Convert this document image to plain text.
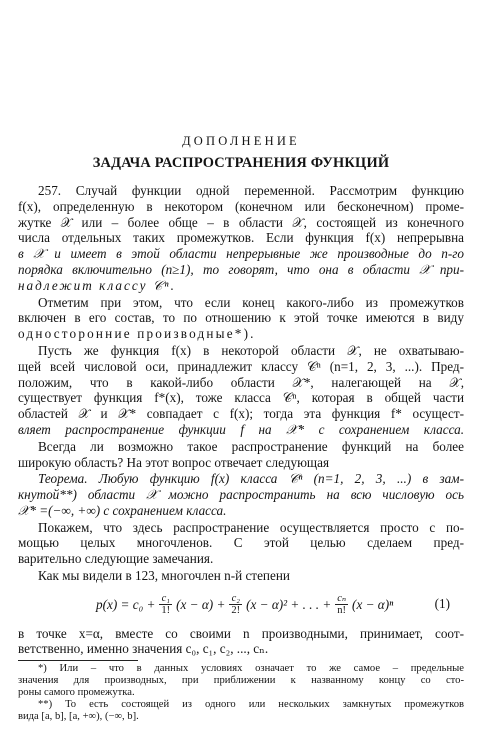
ДОПОЛНЕНИЕ
ЗАДАЧА РАСПРОСТРАНЕНИЯ ФУНКЦИЙ
257. Случай функции одной переменной. Рассмотрим функцию
f(x), определенную в некотором (конечном или бесконечном) проме-
жутке 𝒳 или – более обще – в области 𝒳, состоящей из конечного
числа отдельных таких промежутков. Если функция f(x) непрерывна
в 𝒳 и имеет в этой области непрерывные же производные до n-го
порядка включительно (n≥1), то говорят, что она в области 𝒳 при-
надлежит классу 𝒞ⁿ.
Отметим при этом, что если конец какого-либо из промежутков
включен в его состав, то по отношению к этой точке имеются в виду
односторонние производные*).
Пусть же функция f(x) в некоторой области 𝒳, не охватываю-
щей всей числовой оси, принадлежит классу 𝒞ⁿ (n=1, 2, 3, ...). Пред-
положим, что в какой-либо области 𝒳*, налегающей на 𝒳,
существует функция f*(x), тоже класса 𝒞ⁿ, которая в общей части
областей 𝒳 и 𝒳* совпадает с f(x); тогда эта функция f* осущест-
вляет распространение функции f на 𝒳* с сохранением класса.
Всегда ли возможно такое распространение функций на более
широкую область? На этот вопрос отвечает следующая
Теорема. Любую функцию f(x) класса 𝒞ⁿ (n=1, 2, 3, ...) в зам-
кнутой**) области 𝒳 можно распространить на всю числовую ось
𝒳* =(−∞, +∞) с сохранением класса.
Покажем, что здесь распространение осуществляется просто с по-
мощью целых многочленов. С этой целью сделаем пред-
варительно следующие замечания.
Как мы видели в 123, многочлен n-й степени
$p(x) = c_0 + \frac{\text{c₁}}{1!} (x - \alpha) + \frac{\text{c₂}}{2!} (x - \alpha)^2$ + . . . + $\frac{\text{cₙ}}{n!} (x - \alpha)^n$	(1)
в точке x=α, вместе со своими n производными, принимает, соот-
ветственно, именно значения c₀, c₁, c₂, ..., cₙ.
*) Или – что в данных условиях означает то же самое – предельные
значения для производных, при приближении к названному концу со сто-
роны самого промежутка.
**) То есть состоящей из одного или нескольких замкнутых промежутков
вида [a, b], [a, +∞), (−∞, b].
